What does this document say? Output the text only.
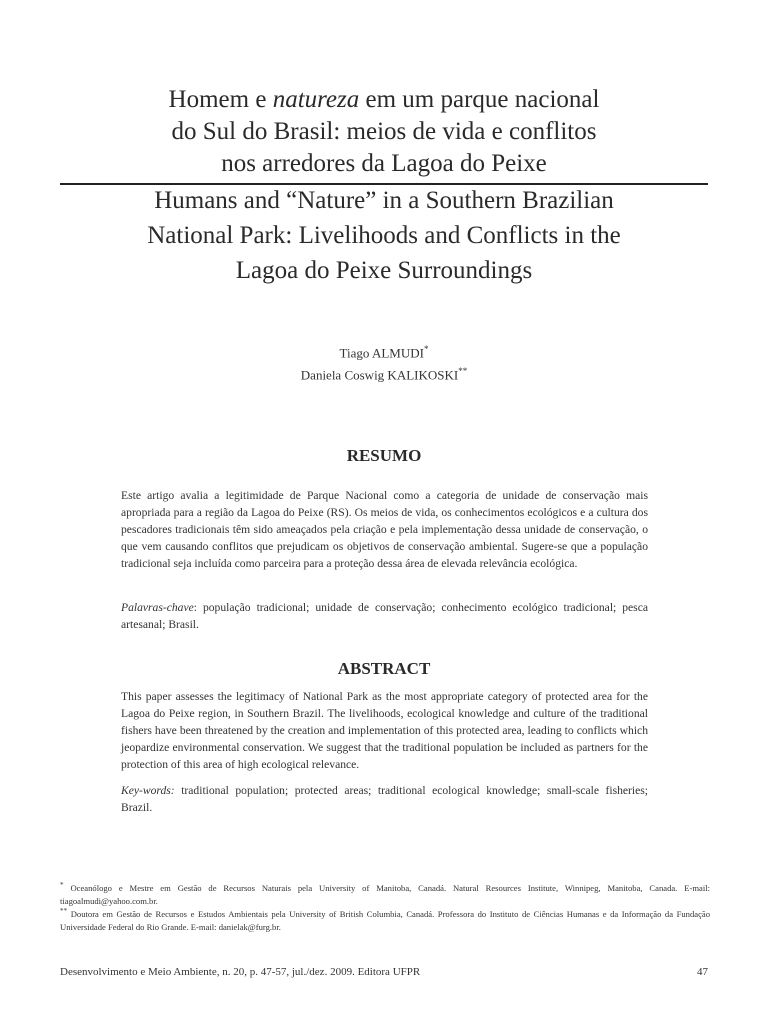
Homem e natureza em um parque nacional
do Sul do Brasil: meios de vida e conflitos
nos arredores da Lagoa do Peixe
Humans and “Nature” in a Southern Brazilian
National Park: Livelihoods and Conflicts in the
Lagoa do Peixe Surroundings
Tiago ALMUDI*
Daniela Coswig KALIKOSKI**
RESUMO
Este artigo avalia a legitimidade de Parque Nacional como a categoria de unidade de conservação mais apropriada para a região da Lagoa do Peixe (RS). Os meios de vida, os conhecimentos ecológicos e a cultura dos pescadores tradicionais têm sido ameaçados pela criação e pela implementação dessa unidade de conservação, o que vem causando conflitos que prejudicam os objetivos de conservação ambiental. Sugere-se que a população tradicional seja incluída como parceira para a proteção dessa área de elevada relevância ecológica.
Palavras-chave: população tradicional; unidade de conservação; conhecimento ecológico tradicional; pesca artesanal; Brasil.
ABSTRACT
This paper assesses the legitimacy of National Park as the most appropriate category of protected area for the Lagoa do Peixe region, in Southern Brazil. The livelihoods, ecological knowledge and culture of the traditional fishers have been threatened by the creation and implementation of this protected area, leading to conflicts which jeopardize environmental conservation. We suggest that the traditional population be included as partners for the protection of this area of high ecological relevance.
Key-words: traditional population; protected areas; traditional ecological knowledge; small-scale fisheries; Brazil.
* Oceanólogo e Mestre em Gestão de Recursos Naturais pela University of Manitoba, Canadá. Natural Resources Institute, Winnipeg, Manitoba, Canada. E-mail: tiagoalmudi@yahoo.com.br.
** Doutora em Gestão de Recursos e Estudos Ambientais pela University of British Columbia, Canadá. Professora do Instituto de Ciências Humanas e da Informação da Fundação Universidade Federal do Rio Grande. E-mail: danielak@furg.br.
Desenvolvimento e Meio Ambiente, n. 20, p. 47-57, jul./dez. 2009. Editora UFPR	47
